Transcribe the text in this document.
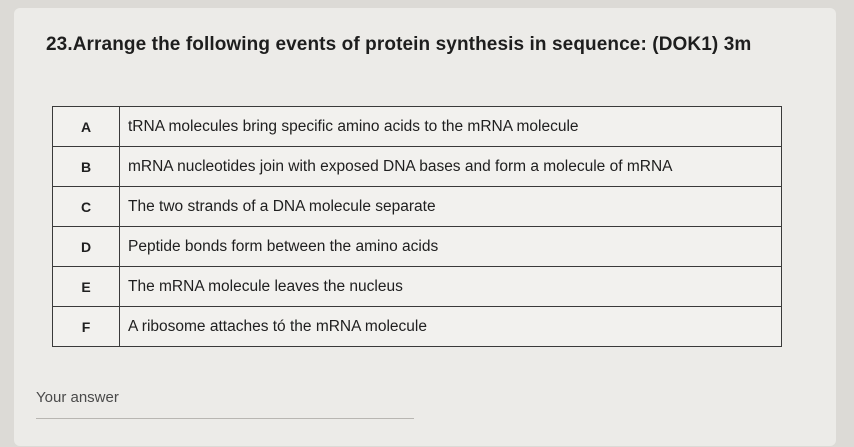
23.Arrange the following events of protein synthesis in sequence: (DOK1) 3m
A	tRNA molecules bring specific amino acids to the mRNA molecule
B	mRNA nucleotides join with exposed DNA bases and form a molecule of mRNA
C	The two strands of a DNA molecule separate
D	Peptide bonds form between the amino acids
E	The mRNA molecule leaves the nucleus
F	A ribosome attaches tó the mRNA molecule
Your answer
